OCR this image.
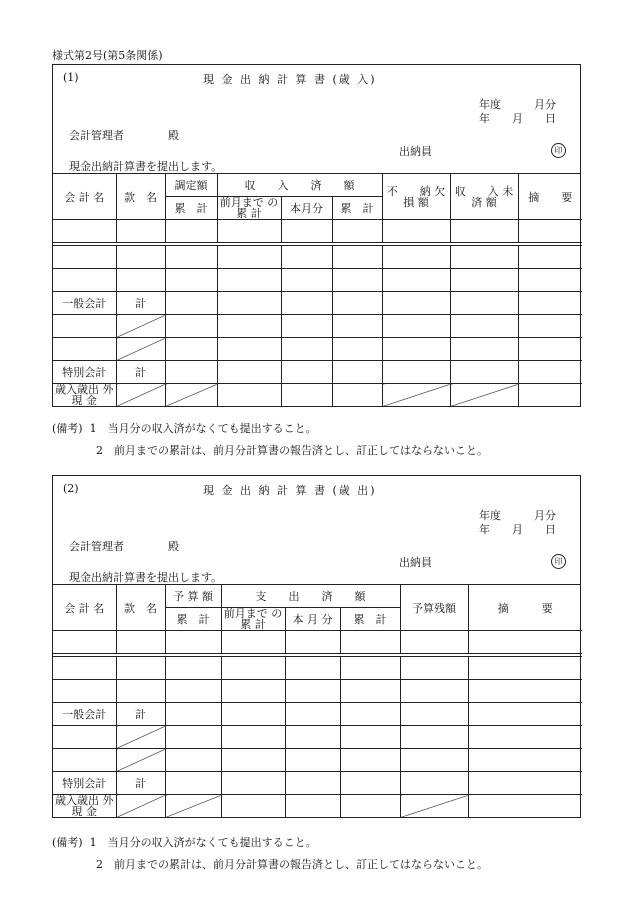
様式第2号(第5条関係)
(1)	現 金 出 納 計 算 書 (歳 入)
年度　　　月分
年　　月　　日
会計管理者　　　　殿
出納員	印
現金出納計算書を提出します。
会 計 名	款　名	調定額	収　　入　　済　　額			不　　納 欠 損 額	収　　入 未 済 額	摘　　要
		累　計	前月まで の 累 計	本月分	累　計			

一般会計	計							

特別会計	計							
歳入歳出 外 現 金								
(備考) 1　当月分の収入済がなくても提出すること。
2　前月までの累計は、前月分計算書の報告済とし、訂正してはならないこと。
(2)	現 金 出 納 計 算 書 (歳 出)
年度　　　月分
年　　月　　日
会計管理者　　　　殿
出納員	印
現金出納計算書を提出します。
会 計 名	款　名	予 算 額	支　　出　　済　　額			予算残額	摘　　　要
		累　計	前月まで の 累 計	本 月 分	累　計		

一般会計	計						

特別会計	計						
歳入歳出 外 現 金							
(備考) 1　当月分の収入済がなくても提出すること。
2　前月までの累計は、前月分計算書の報告済とし、訂正してはならないこと。
